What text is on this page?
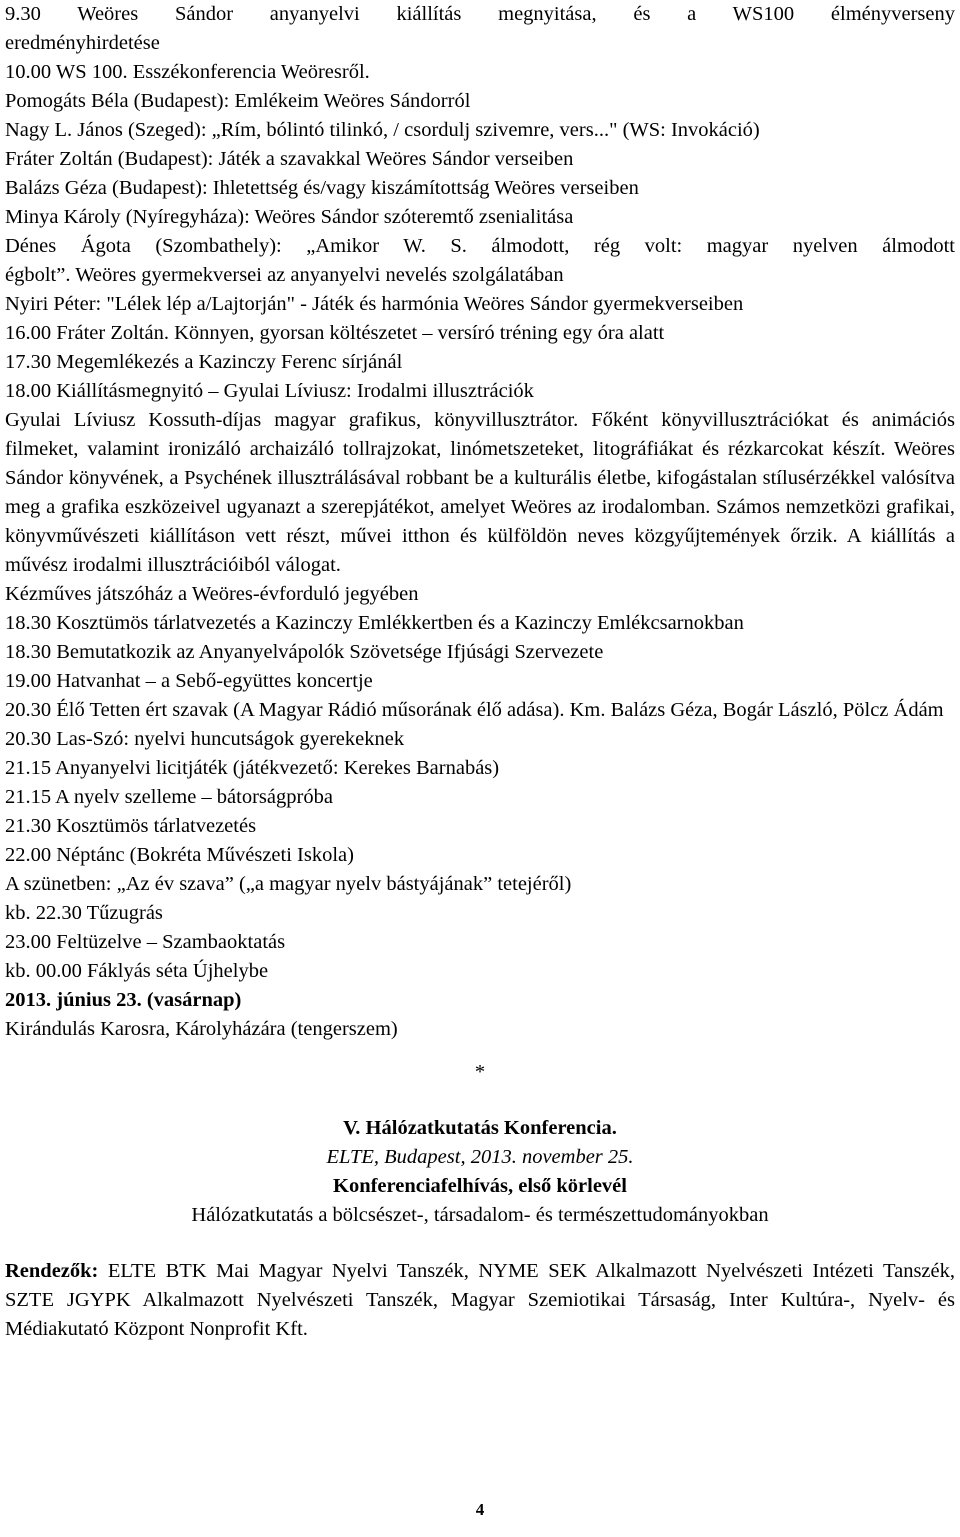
9.30 Weöres Sándor anyanyelvi kiállítás megnyitása, és a WS100 élményverseny
eredményhirdetése
10.00 WS 100. Esszékonferencia Weöresről.
Pomogáts Béla (Budapest): Emlékeim Weöres Sándorról
Nagy L. János (Szeged): „Rím, bólintó tilinkó, / csordulj szivemre, vers..." (WS: Invokáció)
Fráter Zoltán (Budapest): Játék a szavakkal Weöres Sándor verseiben
Balázs Géza (Budapest): Ihletettség és/vagy kiszámítottság Weöres verseiben
Minya Károly (Nyíregyháza): Weöres Sándor szóteremtő zsenialitása
Dénes Ágota (Szombathely): „Amikor W. S. álmodott, rég volt: magyar nyelven álmodott
égbolt”. Weöres gyermekversei az anyanyelvi nevelés szolgálatában
Nyiri Péter: "Lélek lép a/Lajtorján" - Játék és harmónia Weöres Sándor gyermekverseiben
16.00 Fráter Zoltán. Könnyen, gyorsan költészetet – versíró tréning egy óra alatt
17.30 Megemlékezés a Kazinczy Ferenc sírjánál
18.00 Kiállításmegnyitó – Gyulai Líviusz: Irodalmi illusztrációk
Gyulai Líviusz Kossuth-díjas magyar grafikus, könyvillusztrátor. Főként könyvillusztrációkat és animációs filmeket, valamint ironizáló archaizáló tollrajzokat, linómetszeteket, litográfiákat és rézkarcokat készít. Weöres Sándor könyvének, a Psychének illusztrálásával robbant be a kulturális életbe, kifogástalan stílusérzékkel valósítva meg a grafika eszközeivel ugyanazt a szerepjátékot, amelyet Weöres az irodalomban. Számos nemzetközi grafikai, könyvművészeti kiállításon vett részt, művei itthon és külföldön neves közgyűjtemények őrzik. A kiállítás a művész irodalmi illusztrációiból válogat.
Kézműves játszóház a Weöres-évforduló jegyében
18.30 Kosztümös tárlatvezetés a Kazinczy Emlékkertben és a Kazinczy Emlékcsarnokban
18.30 Bemutatkozik az Anyanyelvápolók Szövetsége Ifjúsági Szervezete
19.00 Hatvanhat – a Sebő-együttes koncertje
20.30 Élő Tetten ért szavak (A Magyar Rádió műsorának élő adása). Km. Balázs Géza, Bogár László, Pölcz Ádám
20.30 Las-Szó: nyelvi huncutságok gyerekeknek
21.15 Anyanyelvi licitjáték (játékvezető: Kerekes Barnabás)
21.15 A nyelv szelleme – bátorságpróba
21.30 Kosztümös tárlatvezetés
22.00 Néptánc (Bokréta Művészeti Iskola)
A szünetben: „Az év szava” („a magyar nyelv bástyájának” tetejéről)
kb. 22.30 Tűzugrás
23.00 Feltüzelve – Szambaoktatás
kb. 00.00 Fáklyás séta Újhelybe
2013. június 23. (vasárnap)
Kirándulás Karosra, Károlyházára (tengerszem)
*
V. Hálózatkutatás Konferencia.
ELTE, Budapest, 2013. november 25.
Konferenciafelhívás, első körlevél
Hálózatkutatás a bölcsészet-, társadalom- és természettudományokban
Rendezők: ELTE BTK Mai Magyar Nyelvi Tanszék, NYME SEK Alkalmazott Nyelvészeti Intézeti Tanszék, SZTE JGYPK Alkalmazott Nyelvészeti Tanszék, Magyar Szemiotikai Társaság, Inter Kultúra-, Nyelv- és Médiakutató Központ Nonprofit Kft.
4
